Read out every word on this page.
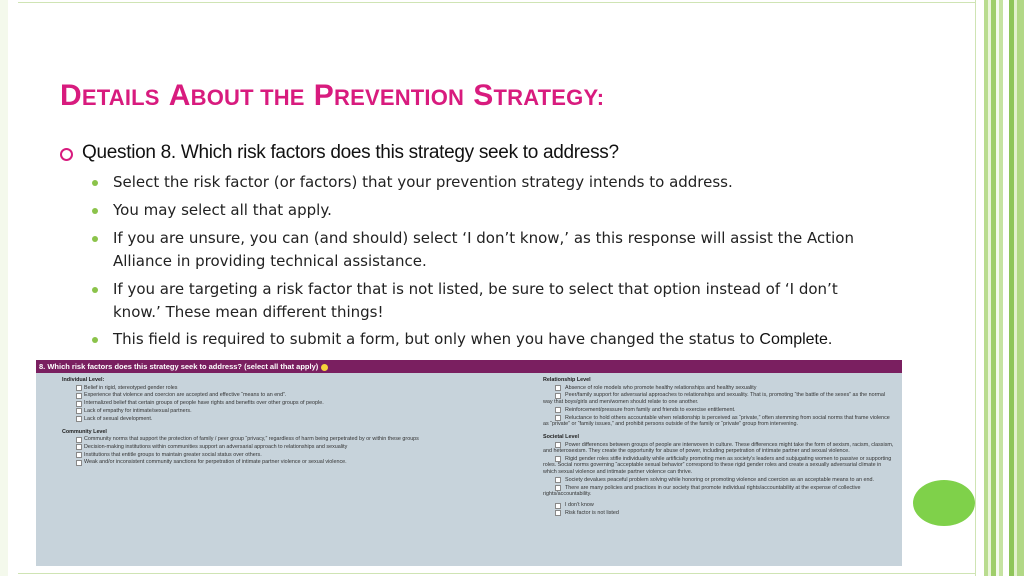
DETAILS ABOUT THE PREVENTION STRATEGY:
Question 8. Which risk factors does this strategy seek to address?
Select the risk factor (or factors) that your prevention strategy intends to address.
You may select all that apply.
If you are unsure, you can (and should) select ‘I don’t know,’ as this response will assist the Action Alliance in providing technical assistance.
If you are targeting a risk factor that is not listed, be sure to select that option instead of ‘I don’t know.’ These mean different things!
This field is required to submit a form, but only when you have changed the status to Complete.
8. Which risk factors does this strategy seek to address? (select all that apply)
Individual Level:
Belief in rigid, stereotyped gender roles
Experience that violence and coercion are accepted and effective “means to an end”.
Internalized belief that certain groups of people have rights and benefits over other groups of people.
Lack of empathy for intimate/sexual partners.
Lack of sexual development.
Community Level
Community norms that support the protection of family / peer group “privacy,” regardless of harm being perpetrated by or within these groups
Decision-making institutions within communities support an adversarial approach to relationships and sexuality
Institutions that entitle groups to maintain greater social status over others.
Weak and/or inconsistent community sanctions for perpetration of intimate partner violence or sexual violence.
Relationship Level
Absence of role models who promote healthy relationships and healthy sexuality
Peer/family support for adversarial approaches to relationships and sexuality. That is, promoting “the battle of the sexes” as the normal way that boys/girls and men/women should relate to one another.
Reinforcement/pressure from family and friends to exercise entitlement.
Reluctance to hold others accountable when relationship is perceived as “private,” often stemming from social norms that frame violence as “private” or “family issues,” and prohibit persons outside of the family or “private” group from intervening.
Societal Level
Power differences between groups of people are interwoven in culture. These differences might take the form of sexism, racism, classism, and heterosexism. They create the opportunity for abuse of power, including perpetration of intimate partner and sexual violence.
Rigid gender roles stifle individuality while artificially promoting men as society’s leaders and subjugating women to passive or supporting roles. Social norms governing “acceptable sexual behavior” correspond to these rigid gender roles and create a sexually adversarial climate in which sexual violence and intimate partner violence can thrive.
Society devalues peaceful problem solving while honoring or promoting violence and coercion as an acceptable means to an end.
There are many policies and practices in our society that promote individual rights/accountability at the expense of collective rights/accountability.
I don’t know
Risk factor is not listed
